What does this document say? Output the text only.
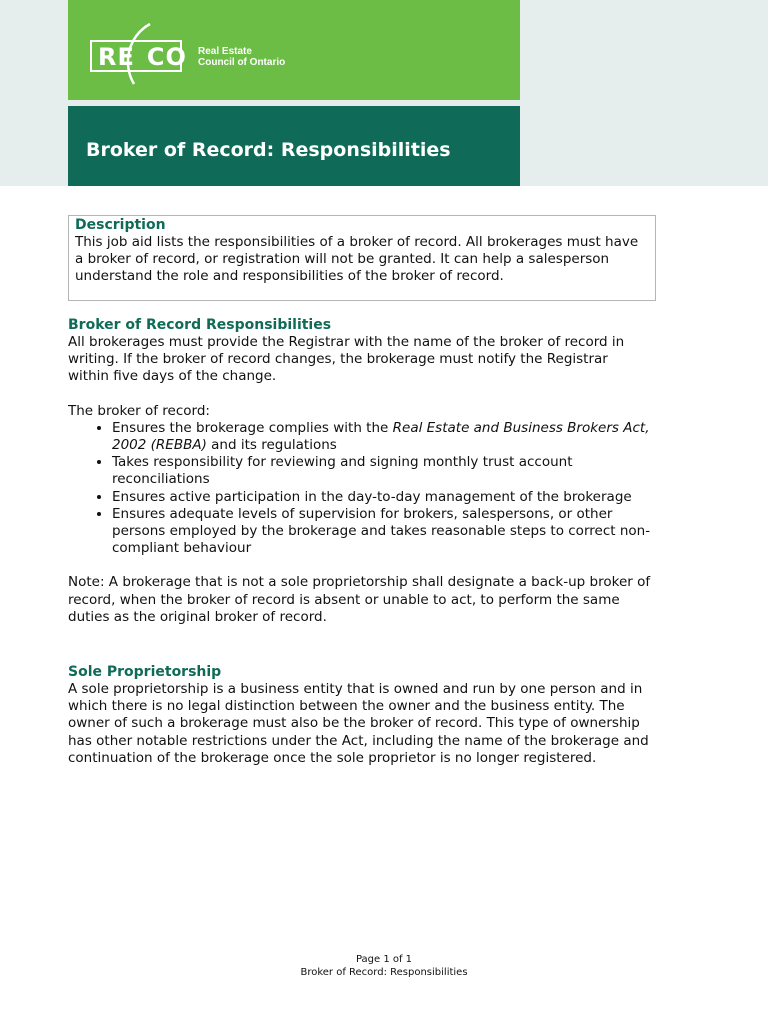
RE CO Real Estate
Council of Ontario
Broker of Record: Responsibilities

Description

This job aid lists the responsibilities of a broker of record. All brokerages must have a broker of record, or registration will not be granted. It can help a salesperson understand the role and responsibilities of the broker of record.

Broker of Record Responsibilities

All brokerages must provide the Registrar with the name of the broker of record in writing. If the broker of record changes, the brokerage must notify the Registrar within five days of the change.

The broker of record:

• Ensures the brokerage complies with the Real Estate and Business Brokers Act, 2002 (REBBA) and its regulations
• Takes responsibility for reviewing and signing monthly trust account reconciliations
• Ensures active participation in the day-to-day management of the brokerage
• Ensures adequate levels of supervision for brokers, salespersons, or other persons employed by the brokerage and takes reasonable steps to correct non-compliant behaviour

Note: A brokerage that is not a sole proprietorship shall designate a back-up broker of record, when the broker of record is absent or unable to act, to perform the same duties as the original broker of record.

Sole Proprietorship

A sole proprietorship is a business entity that is owned and run by one person and in which there is no legal distinction between the owner and the business entity. The owner of such a brokerage must also be the broker of record. This type of ownership has other notable restrictions under the Act, including the name of the brokerage and continuation of the brokerage once the sole proprietor is no longer registered.

Page 1 of 1
Broker of Record: Responsibilities
